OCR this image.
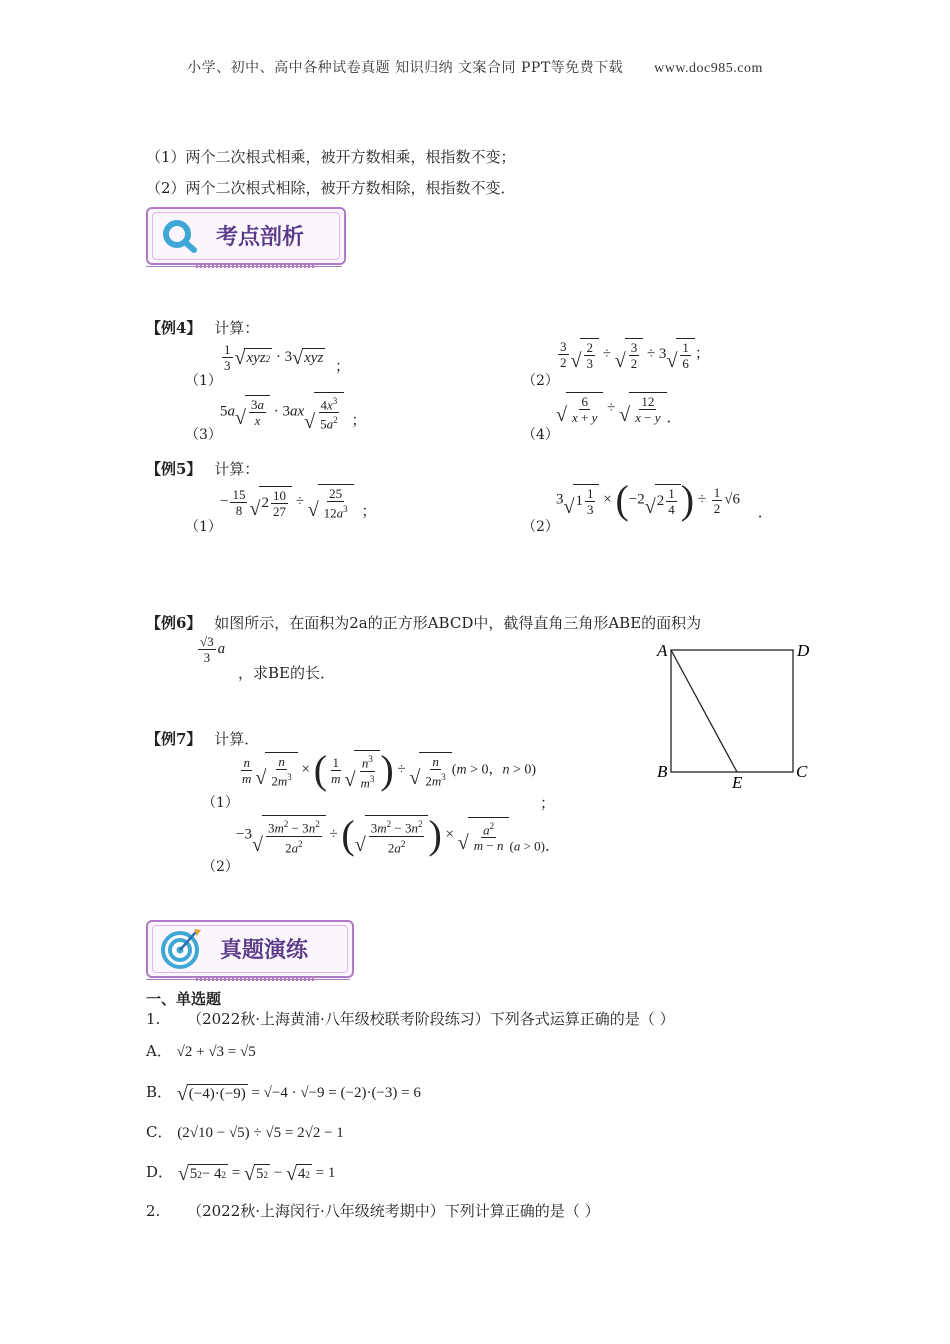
小学、初中、高中各种试卷真题 知识归纳 文案合同 PPT等免费下载 www.doc985.com
（1）两个二次根式相乘，被开方数相乘，根指数不变；
（2）两个二次根式相除，被开方数相除，根指数不变．
考点剖析
【例4】 计算：
（1）
$\frac{1}{3}$ √ xyz 2 · 3 √ xyz
；
（2）
$\frac{3}{2}$ √ $\frac{2}{3}$ ÷ √ $\frac{3}{2} \div 3$ √ $\frac{1}{6}$ ；
（3）
5a √ $\frac{3a}{x} \cdot 3ax$ √ $\frac{4x^3}{5a^2}$ ；
（4）
√ $\frac{6}{x + y}$ ÷ √ $\frac{12}{x - y}$ ．
【例5】 计算：
（1）
− $\frac{15}{8}$ √ $2 \frac{10}{27}$ ÷ √ $\frac{25}{12a^3}$ ；
（2）
3 √ $1 \frac{1}{3} \times (-2$ √ $2 \frac{1}{4}$ ) ÷ $\frac{1}{2} √6$ ．
【例6】 如图所示，在面积为2a的正方形ABCD中，截得直角三角形ABE的面积为
$\frac{√3}{3}$ a
，求BE的长．
A	D
B	C
E
【例7】 计算．
（1）
$\frac{n}{m}$ √ $\frac{n}{2m^3}$ × ( $\frac{1}{m}$ √ $\frac{n^3}{m^3}$ ) ÷ √ $\frac{n}{2m^3} (m > 0$，n > 0)
；
（2）
−3 √ $\frac{3m^2 - 3n^2}{2a^2}$ ÷ ( √ $\frac{3m^2 - 3n^2}{2a^2}$ ) × √ $\frac{a^2}{m - n} (a > 0)$．
真题演练
一、单选题
1. （2022秋·上海黄浦·八年级校联考阶段练习）下列各式运算正确的是（ ）
A． √2 + √3 = √5
B． √ (−4)·(−9) = √−4 · √−9 = (−2)·(−3) = 6
C． (2√10 − √5) ÷ √5 = 2√2 − 1
D． √ 5 2 − 4 2 = √ 5 2 − √ 4 2 = 1
2. （2022秋·上海闵行·八年级统考期中）下列计算正确的是（ ）
